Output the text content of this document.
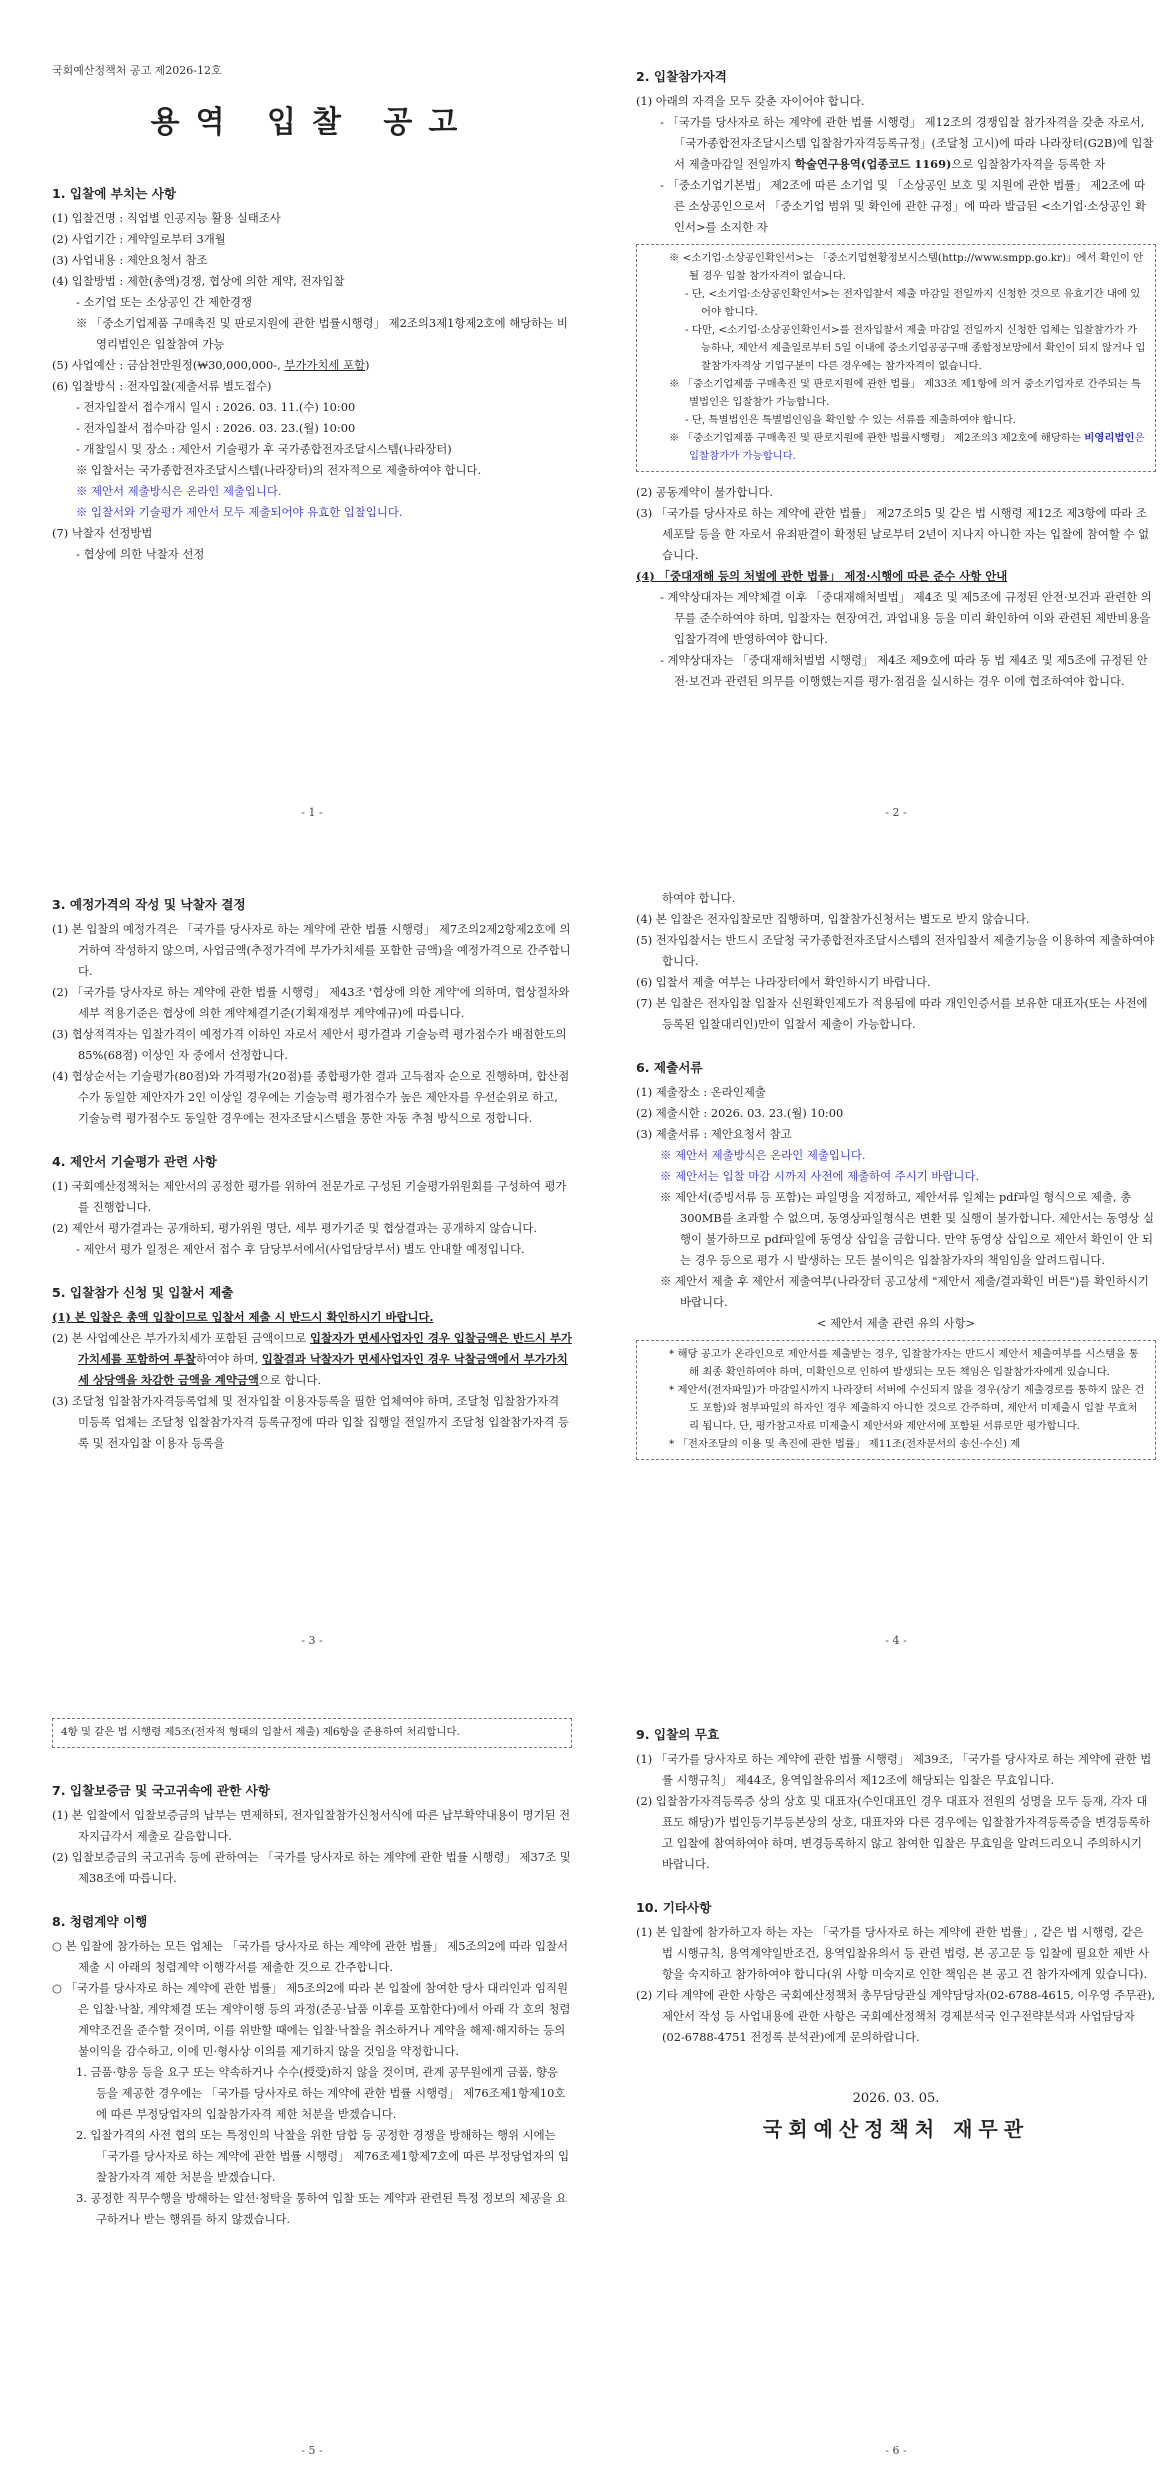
국회예산정책처 공고 제2026-12호

용역 입찰 공고

1. 입찰에 부치는 사항

(1) 입찰건명 : 직업별 인공지능 활용 실태조사

(2) 사업기간 : 계약일로부터 3개월

(3) 사업내용 : 제안요청서 참조

(4) 입찰방법 : 제한(총액)경쟁, 협상에 의한 계약, 전자입찰

- 소기업 또는 소상공인 간 제한경쟁

※ 「중소기업제품 구매촉진 및 판로지원에 관한 법률시행령」 제2조의3제1항제2호에 해당하는 비영리법인은 입찰참여 가능

(5) 사업예산 : 금삼천만원정(₩30,000,000-, 부가가치세 포함)

(6) 입찰방식 : 전자입찰(제출서류 별도접수)

- 전자입찰서 접수개시 일시 : 2026. 03. 11.(수) 10:00

- 전자입찰서 접수마감 일시 : 2026. 03. 23.(월) 10:00

- 개찰일시 및 장소 : 제안서 기술평가 후 국가종합전자조달시스템(나라장터)

※ 입찰서는 국가종합전자조달시스템(나라장터)의 전자적으로 제출하여야 합니다.

※ 제안서 제출방식은 온라인 제출입니다.

※ 입찰서와 기술평가 제안서 모두 제출되어야 유효한 입찰입니다.

(7) 낙찰자 선정방법

- 협상에 의한 낙찰자 선정

- 1 -

2. 입찰참가자격

(1) 아래의 자격을 모두 갖춘 자이어야 합니다.

- 「국가를 당사자로 하는 계약에 관한 법률 시행령」 제12조의 경쟁입찰 참가자격을 갖춘 자로서, 「국가종합전자조달시스템 입찰참가자격등록규정」(조달청 고시)에 따라 나라장터(G2B)에 입찰서 제출마감일 전일까지 학술연구용역(업종코드 1169)으로 입찰참가자격을 등록한 자

- 「중소기업기본법」 제2조에 따른 소기업 및 「소상공인 보호 및 지원에 관한 법률」 제2조에 따른 소상공인으로서 「중소기업 범위 및 확인에 관한 규정」에 따라 발급된 <소기업·소상공인 확인서>를 소지한 자

※ <소기업·소상공인확인서>는 「중소기업현황정보시스템(http://www.smpp.go.kr)」에서 확인이 안 될 경우 입찰 참가자격이 없습니다.

- 단, <소기업·소상공인확인서>는 전자입찰서 제출 마감일 전일까지 신청한 것으로 유효기간 내에 있어야 합니다.

- 다만, <소기업·소상공인확인서>를 전자입찰서 제출 마감일 전일까지 신청한 업체는 입찰참가가 가능하나, 제안서 제출일로부터 5일 이내에 중소기업공공구매 종합정보망에서 확인이 되지 않거나 입찰참가자격상 기업구분이 다른 경우에는 참가자격이 없습니다.

※ 「중소기업제품 구매촉진 및 판로지원에 관한 법률」 제33조 제1항에 의거 중소기업자로 간주되는 특별법인은 입찰참가 가능합니다.

- 단, 특별법인은 특별법인임을 확인할 수 있는 서류를 제출하여야 합니다.

※ 「중소기업제품 구매촉진 및 판로지원에 관한 법률시행령」 제2조의3 제2호에 해당하는 비영리법인은 입찰참가가 가능합니다.

(2) 공동계약이 불가합니다.

(3) 「국가를 당사자로 하는 계약에 관한 법률」 제27조의5 및 같은 법 시행령 제12조 제3항에 따라 조세포탈 등을 한 자로서 유죄판결이 확정된 날로부터 2년이 지나지 아니한 자는 입찰에 참여할 수 없습니다.

(4) 「중대재해 등의 처벌에 관한 법률」 제정·시행에 따른 준수 사항 안내

- 계약상대자는 계약체결 이후 「중대재해처벌법」 제4조 및 제5조에 규정된 안전·보건과 관련한 의무를 준수하여야 하며, 입찰자는 현장여건, 과업내용 등을 미리 확인하여 이와 관련된 제반비용을 입찰가격에 반영하여야 합니다.

- 계약상대자는 「중대재해처벌법 시행령」 제4조 제9호에 따라 동 법 제4조 및 제5조에 규정된 안전·보건과 관련된 의무를 이행했는지를 평가·점검을 실시하는 경우 이에 협조하여야 합니다.

- 2 -

3. 예정가격의 작성 및 낙찰자 결정

(1) 본 입찰의 예정가격은 「국가를 당사자로 하는 계약에 관한 법률 시행령」 제7조의2제2항제2호에 의거하여 작성하지 않으며, 사업금액(추정가격에 부가가치세를 포함한 금액)을 예정가격으로 간주합니다.

(2) 「국가를 당사자로 하는 계약에 관한 법률 시행령」 제43조 '협상에 의한 계약'에 의하며, 협상절차와 세부 적용기준은 협상에 의한 계약체결기준(기획재정부 계약예규)에 따릅니다.

(3) 협상적격자는 입찰가격이 예정가격 이하인 자로서 제안서 평가결과 기술능력 평가점수가 배점한도의 85%(68점) 이상인 자 중에서 선정합니다.

(4) 협상순서는 기술평가(80점)와 가격평가(20점)를 종합평가한 결과 고득점자 순으로 진행하며, 합산점수가 동일한 제안자가 2인 이상일 경우에는 기술능력 평가점수가 높은 제안자를 우선순위로 하고, 기술능력 평가점수도 동일한 경우에는 전자조달시스템을 통한 자동 추첨 방식으로 정합니다.

4. 제안서 기술평가 관련 사항

(1) 국회예산정책처는 제안서의 공정한 평가를 위하여 전문가로 구성된 기술평가위원회를 구성하여 평가를 진행합니다.

(2) 제안서 평가결과는 공개하되, 평가위원 명단, 세부 평가기준 및 협상결과는 공개하지 않습니다.

- 제안서 평가 일정은 제안서 접수 후 담당부서에서(사업담당부서) 별도 안내할 예정입니다.

5. 입찰참가 신청 및 입찰서 제출

(1) 본 입찰은 총액 입찰이므로 입찰서 제출 시 반드시 확인하시기 바랍니다.

(2) 본 사업예산은 부가가치세가 포함된 금액이므로 입찰자가 면세사업자인 경우 입찰금액은 반드시 부가가치세를 포함하여 투찰하여야 하며, 입찰결과 낙찰자가 면세사업자인 경우 낙찰금액에서 부가가치세 상당액을 차감한 금액을 계약금액으로 합니다.

(3) 조달청 입찰참가자격등록업체 및 전자입찰 이용자등록을 필한 업체여야 하며, 조달청 입찰참가자격 미등록 업체는 조달청 입찰참가자격 등록규정에 따라 입찰 집행일 전일까지 조달청 입찰참가자격 등록 및 전자입찰 이용자 등록을

- 3 -

하여야 합니다.

(4) 본 입찰은 전자입찰로만 집행하며, 입찰참가신청서는 별도로 받지 않습니다.

(5) 전자입찰서는 반드시 조달청 국가종합전자조달시스템의 전자입찰서 제출기능을 이용하여 제출하여야 합니다.

(6) 입찰서 제출 여부는 나라장터에서 확인하시기 바랍니다.

(7) 본 입찰은 전자입찰 입찰자 신원확인제도가 적용됨에 따라 개인인증서를 보유한 대표자(또는 사전에 등록된 입찰대리인)만이 입찰서 제출이 가능합니다.

6. 제출서류

(1) 제출장소 : 온라인제출

(2) 제출시한 : 2026. 03. 23.(월) 10:00

(3) 제출서류 : 제안요청서 참고

※ 제안서 제출방식은 온라인 제출입니다.

※ 제안서는 입찰 마감 시까지 사전에 제출하여 주시기 바랍니다.

※ 제안서(증빙서류 등 포함)는 파일명을 지정하고, 제안서류 일체는 pdf파일 형식으로 제출, 총 300MB를 초과할 수 없으며, 동영상파일형식은 변환 및 실행이 불가합니다. 제안서는 동영상 실행이 불가하므로 pdf파일에 동영상 삽입을 금합니다. 만약 동영상 삽입으로 제안서 확인이 안 되는 경우 등으로 평가 시 발생하는 모든 불이익은 입찰참가자의 책임임을 알려드립니다.

※ 제안서 제출 후 제안서 제출여부(나라장터 공고상세 "제안서 제출/결과확인 버튼")를 확인하시기 바랍니다.

< 제안서 제출 관련 유의 사항>

* 해당 공고가 온라인으로 제안서를 제출받는 경우, 입찰참가자는 반드시 제안서 제출여부를 시스템을 통해 최종 확인하여야 하며, 미확인으로 인하여 발생되는 모든 책임은 입찰참가자에게 있습니다.

* 제안서(전자파일)가 마감일시까지 나라장터 서버에 수신되지 않을 경우(상기 제출경로를 통하지 않은 건도 포함)와 첨부파일의 하자인 경우 제출하지 아니한 것으로 간주하며, 제안서 미제출시 입찰 무효처리 됩니다. 단, 평가참고자료 미제출시 제안서와 제안서에 포함된 서류로만 평가합니다.

* 「전자조달의 이용 및 촉진에 관한 법률」 제11조(전자문서의 송신·수신) 제

- 4 -

4항 및 같은 법 시행령 제5조(전자적 형태의 입찰서 제출) 제6항을 준용하여 처리합니다.

7. 입찰보증금 및 국고귀속에 관한 사항

(1) 본 입찰에서 입찰보증금의 납부는 면제하되, 전자입찰참가신청서식에 따른 납부확약내용이 명기된 전자지급각서 제출로 갈음합니다.

(2) 입찰보증금의 국고귀속 등에 관하여는 「국가를 당사자로 하는 계약에 관한 법률 시행령」 제37조 및 제38조에 따릅니다.

8. 청렴계약 이행

○ 본 입찰에 참가하는 모든 업체는 「국가를 당사자로 하는 계약에 관한 법률」 제5조의2에 따라 입찰서 제출 시 아래의 청렴계약 이행각서를 제출한 것으로 간주합니다.

○ 「국가를 당사자로 하는 계약에 관한 법률」 제5조의2에 따라 본 입찰에 참여한 당사 대리인과 임직원은 입찰·낙찰, 계약체결 또는 계약이행 등의 과정(준공·납품 이후를 포함한다)에서 아래 각 호의 청렴계약조건을 준수할 것이며, 이를 위반할 때에는 입찰·낙찰을 취소하거나 계약을 해제·해지하는 등의 불이익을 감수하고, 이에 민·형사상 이의를 제기하지 않을 것임을 약정합니다.

1. 금품·향응 등을 요구 또는 약속하거나 수수(授受)하지 않을 것이며, 관계 공무원에게 금품, 향응 등을 제공한 경우에는 「국가를 당사자로 하는 계약에 관한 법률 시행령」 제76조제1항제10호에 따른 부정당업자의 입찰참가자격 제한 처분을 받겠습니다.

2. 입찰가격의 사전 협의 또는 특정인의 낙찰을 위한 담합 등 공정한 경쟁을 방해하는 행위 시에는 「국가를 당사자로 하는 계약에 관한 법률 시행령」 제76조제1항제7호에 따른 부정당업자의 입찰참가자격 제한 처분을 받겠습니다.

3. 공정한 직무수행을 방해하는 알선·청탁을 통하여 입찰 또는 계약과 관련된 특정 정보의 제공을 요구하거나 받는 행위를 하지 않겠습니다.

- 5 -

9. 입찰의 무효

(1) 「국가를 당사자로 하는 계약에 관한 법률 시행령」 제39조, 「국가를 당사자로 하는 계약에 관한 법률 시행규칙」 제44조, 용역입찰유의서 제12조에 해당되는 입찰은 무효입니다.

(2) 입찰참가자격등록증 상의 상호 및 대표자(수인대표인 경우 대표자 전원의 성명을 모두 등재, 각자 대표도 해당)가 법인등기부등본상의 상호, 대표자와 다른 경우에는 입찰참가자격등록증을 변경등록하고 입찰에 참여하여야 하며, 변경등록하지 않고 참여한 입찰은 무효임을 알려드리오니 주의하시기 바랍니다.

10. 기타사항

(1) 본 입찰에 참가하고자 하는 자는 「국가를 당사자로 하는 계약에 관한 법률」, 같은 법 시행령, 같은 법 시행규칙, 용역계약일반조건, 용역입찰유의서 등 관련 법령, 본 공고문 등 입찰에 필요한 제반 사항을 숙지하고 참가하여야 합니다(위 사항 미숙지로 인한 책임은 본 공고 건 참가자에게 있습니다).

(2) 기타 계약에 관한 사항은 국회예산정책처 총무담당관실 계약담당자(02-6788-4615, 이우영 주무관), 제안서 작성 등 사업내용에 관한 사항은 국회예산정책처 경제분석국 인구전략분석과 사업담당자(02-6788-4751 전정록 분석관)에게 문의하랍니다.

2026. 03. 05.

국회예산정책처 재무관

- 6 -
